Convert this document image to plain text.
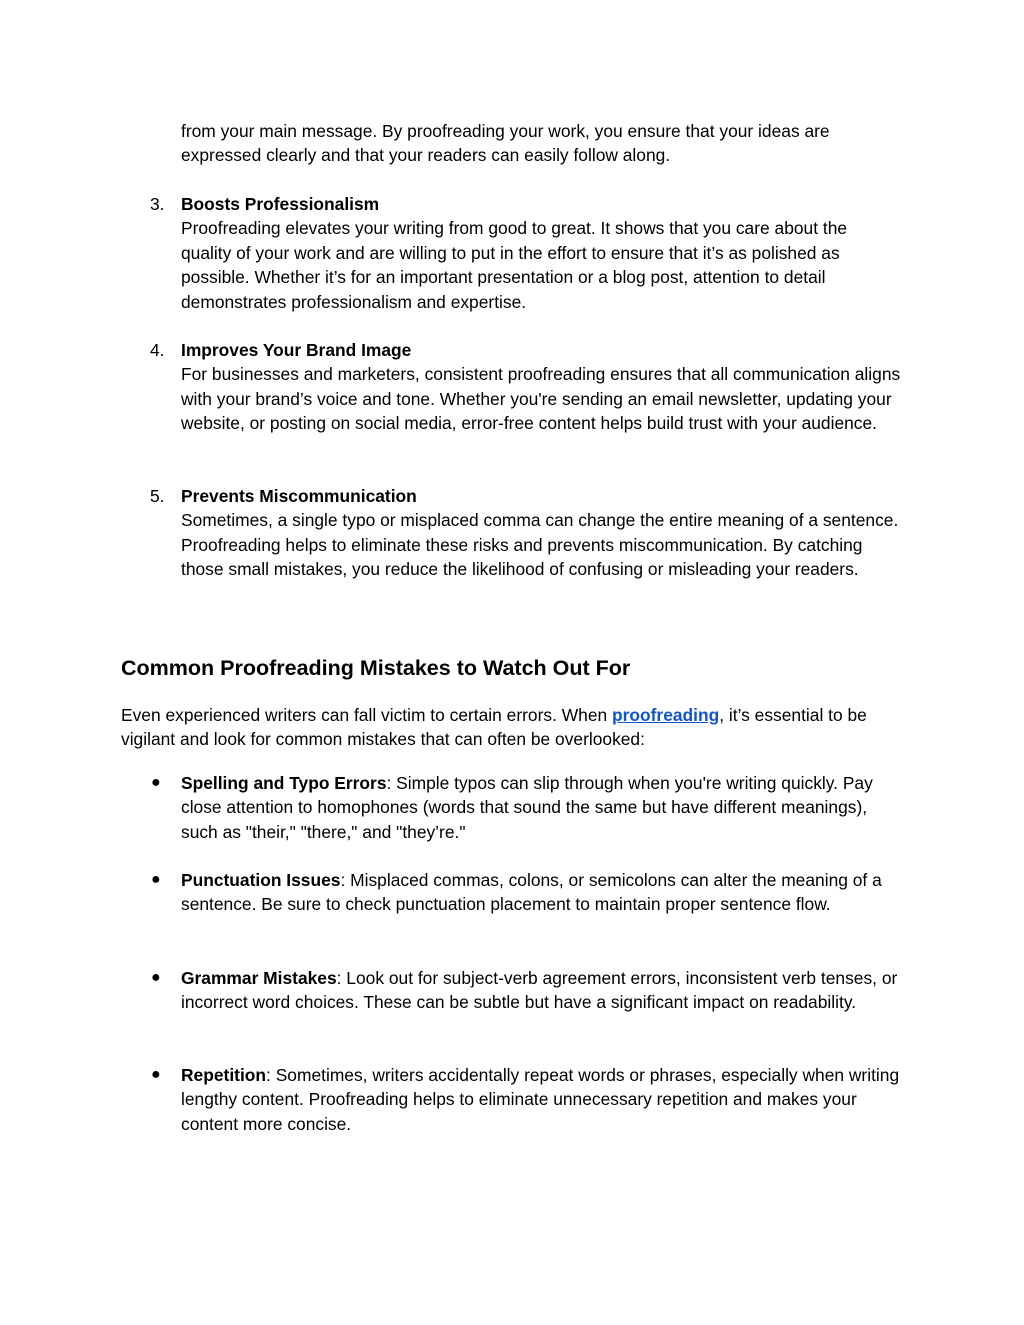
from your main message. By proofreading your work, you ensure that your ideas are expressed clearly and that your readers can easily follow along.

3. Boosts Professionalism
Proofreading elevates your writing from good to great. It shows that you care about the quality of your work and are willing to put in the effort to ensure that it’s as polished as possible. Whether it’s for an important presentation or a blog post, attention to detail demonstrates professionalism and expertise.
4. Improves Your Brand Image
For businesses and marketers, consistent proofreading ensures that all communication aligns with your brand’s voice and tone. Whether you're sending an email newsletter, updating your website, or posting on social media, error-free content helps build trust with your audience.
5. Prevents Miscommunication
Sometimes, a single typo or misplaced comma can change the entire meaning of a sentence. Proofreading helps to eliminate these risks and prevents miscommunication. By catching those small mistakes, you reduce the likelihood of confusing or misleading your readers.
Common Proofreading Mistakes to Watch Out For

Even experienced writers can fall victim to certain errors. When proofreading, it’s essential to be vigilant and look for common mistakes that can often be overlooked:

● Spelling and Typo Errors: Simple typos can slip through when you're writing quickly. Pay close attention to homophones (words that sound the same but have different meanings), such as "their," "there," and "they’re."
● Punctuation Issues: Misplaced commas, colons, or semicolons can alter the meaning of a sentence. Be sure to check punctuation placement to maintain proper sentence flow.
● Grammar Mistakes: Look out for subject-verb agreement errors, inconsistent verb tenses, or incorrect word choices. These can be subtle but have a significant impact on readability.
● Repetition: Sometimes, writers accidentally repeat words or phrases, especially when writing lengthy content. Proofreading helps to eliminate unnecessary repetition and makes your content more concise.
